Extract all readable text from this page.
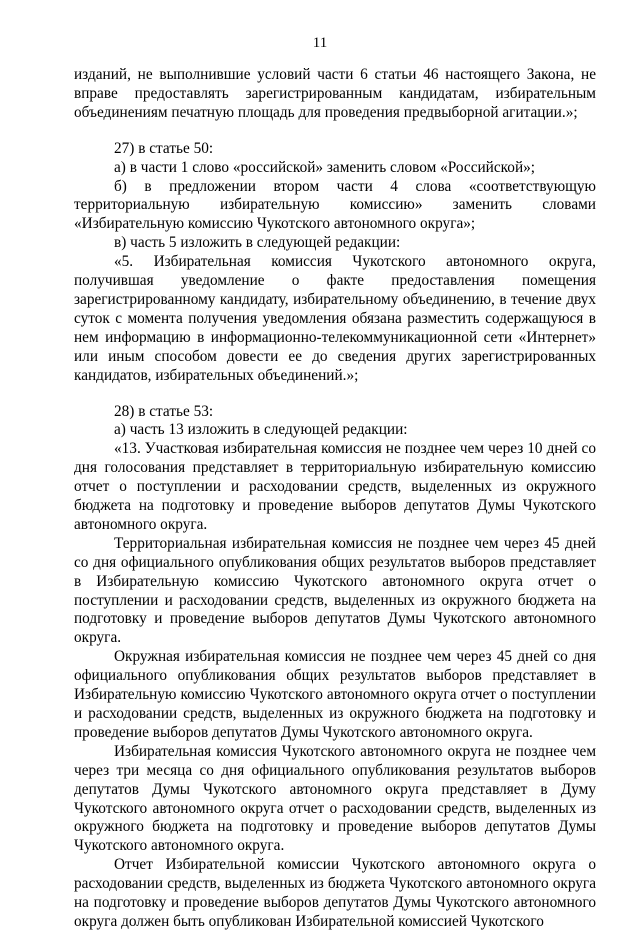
11

изданий, не выполнившие условий части 6 статьи 46 настоящего Закона, не вправе предоставлять зарегистрированным кандидатам, избирательным объединениям печатную площадь для проведения предвыборной агитации.»;

27) в статье 50:

а) в части 1 слово «российской» заменить словом «Российской»;

б) в предложении втором части 4 слова «соответствующую территориальную избирательную комиссию» заменить словами «Избирательную комиссию Чукотского автономного округа»;

в) часть 5 изложить в следующей редакции:

«5. Избирательная комиссия Чукотского автономного округа, получившая уведомление о факте предоставления помещения зарегистрированному кандидату, избирательному объединению, в течение двух суток с момента получения уведомления обязана разместить содержащуюся в нем информацию в информационно-телекоммуникационной сети «Интернет» или иным способом довести ее до сведения других зарегистрированных кандидатов, избирательных объединений.»;

28) в статье 53:

а) часть 13 изложить в следующей редакции:

«13. Участковая избирательная комиссия не позднее чем через 10 дней со дня голосования представляет в территориальную избирательную комиссию отчет о поступлении и расходовании средств, выделенных из окружного бюджета на подготовку и проведение выборов депутатов Думы Чукотского автономного округа.

Территориальная избирательная комиссия не позднее чем через 45 дней со дня официального опубликования общих результатов выборов представляет в Избирательную комиссию Чукотского автономного округа отчет о поступлении и расходовании средств, выделенных из окружного бюджета на подготовку и проведение выборов депутатов Думы Чукотского автономного округа.

Окружная избирательная комиссия не позднее чем через 45 дней со дня официального опубликования общих результатов выборов представляет в Избирательную комиссию Чукотского автономного округа отчет о поступлении и расходовании средств, выделенных из окружного бюджета на подготовку и проведение выборов депутатов Думы Чукотского автономного округа.

Избирательная комиссия Чукотского автономного округа не позднее чем через три месяца со дня официального опубликования результатов выборов депутатов Думы Чукотского автономного округа представляет в Думу Чукотского автономного округа отчет о расходовании средств, выделенных из окружного бюджета на подготовку и проведение выборов депутатов Думы Чукотского автономного округа.

Отчет Избирательной комиссии Чукотского автономного округа о расходовании средств, выделенных из бюджета Чукотского автономного округа на подготовку и проведение выборов депутатов Думы Чукотского автономного округа должен быть опубликован Избирательной комиссией Чукотского
